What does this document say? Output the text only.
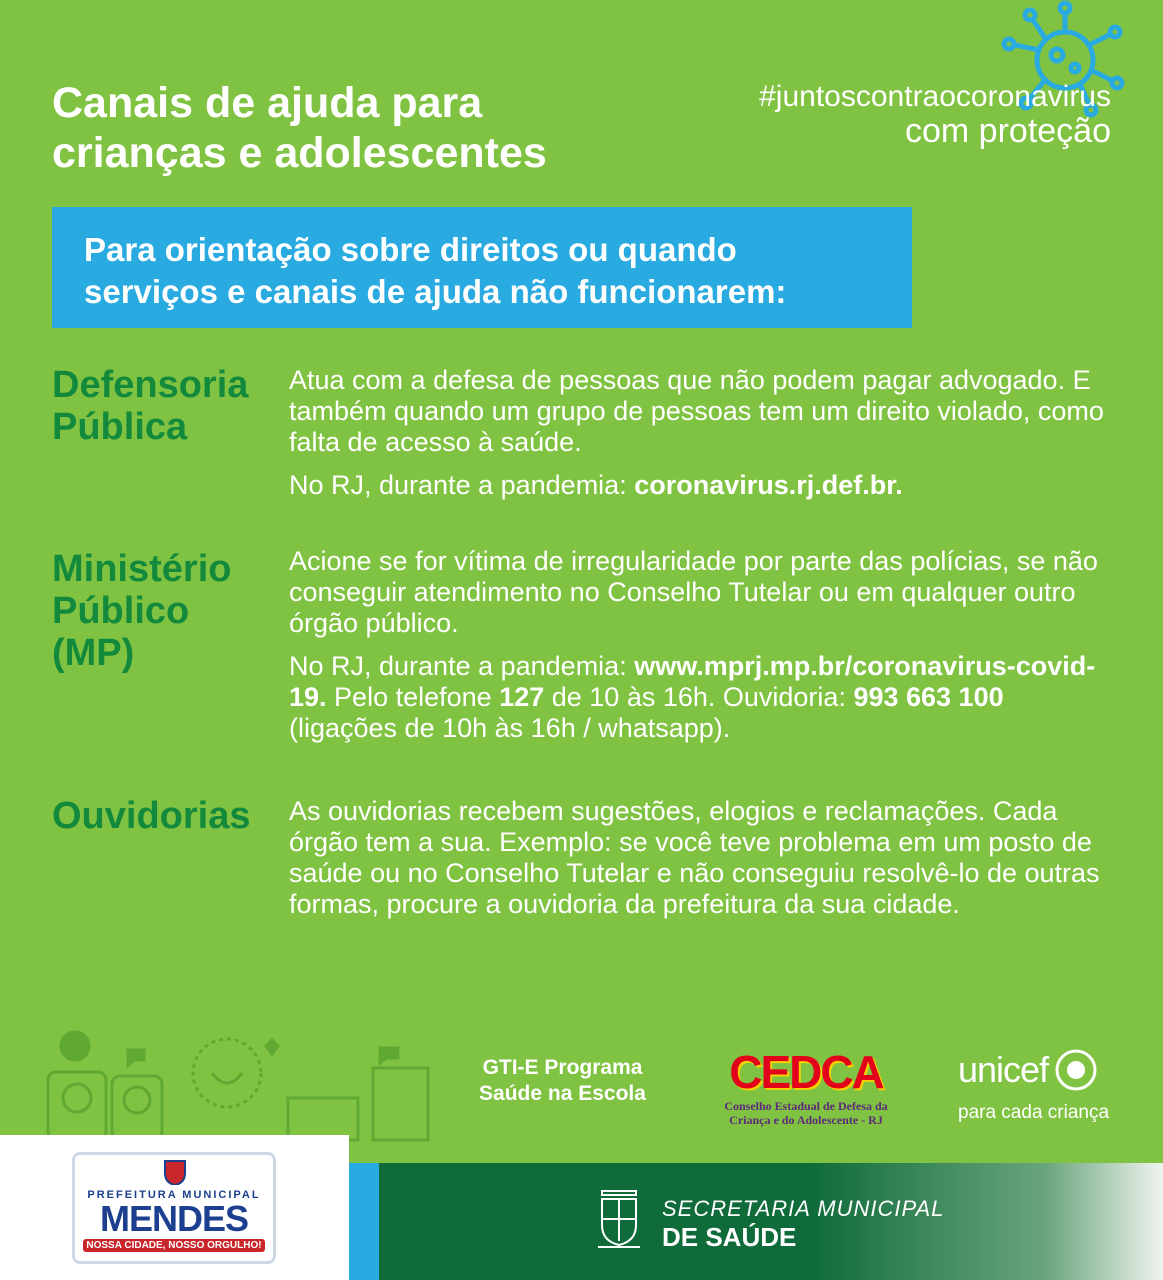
Canais de ajuda para
crianças e adolescentes
#juntoscontraocoronavirus
com proteção
Para orientação sobre direitos ou quando
serviços e canais de ajuda não funcionarem:
Defensoria
Pública

Atua com a defesa de pessoas que não podem pagar advogado. E também quando um grupo de pessoas tem um direito violado, como falta de acesso à saúde.

No RJ, durante a pandemia: coronavirus.rj.def.br.

Ministério
Público
(MP)

Acione se for vítima de irregularidade por parte das polícias, se não conseguir atendimento no Conselho Tutelar ou em qualquer outro órgão público.

No RJ, durante a pandemia: www.mprj.mp.br/coronavirus-covid-19. Pelo telefone 127 de 10 às 16h. Ouvidoria: 993 663 100 (ligações de 10h às 16h / whatsapp).

Ouvidorias As ouvidorias recebem sugestões, elogios e reclamações. Cada órgão tem a sua. Exemplo: se você teve problema em um posto de saúde ou no Conselho Tutelar e não conseguiu resolvê-lo de outras formas, procure a ouvidoria da prefeitura da sua cidade.

GTI-E Programa
Saúde na Escola	CEDCA
Conselho Estadual de Defesa da
Criança e do Adolescente - RJ
unicef
para cada criança
PREFEITURA MUNICIPAL
MENDES
NOSSA CIDADE, NOSSO ORGULHO!
SECRETARIA MUNICIPAL
DE SAÚDE
